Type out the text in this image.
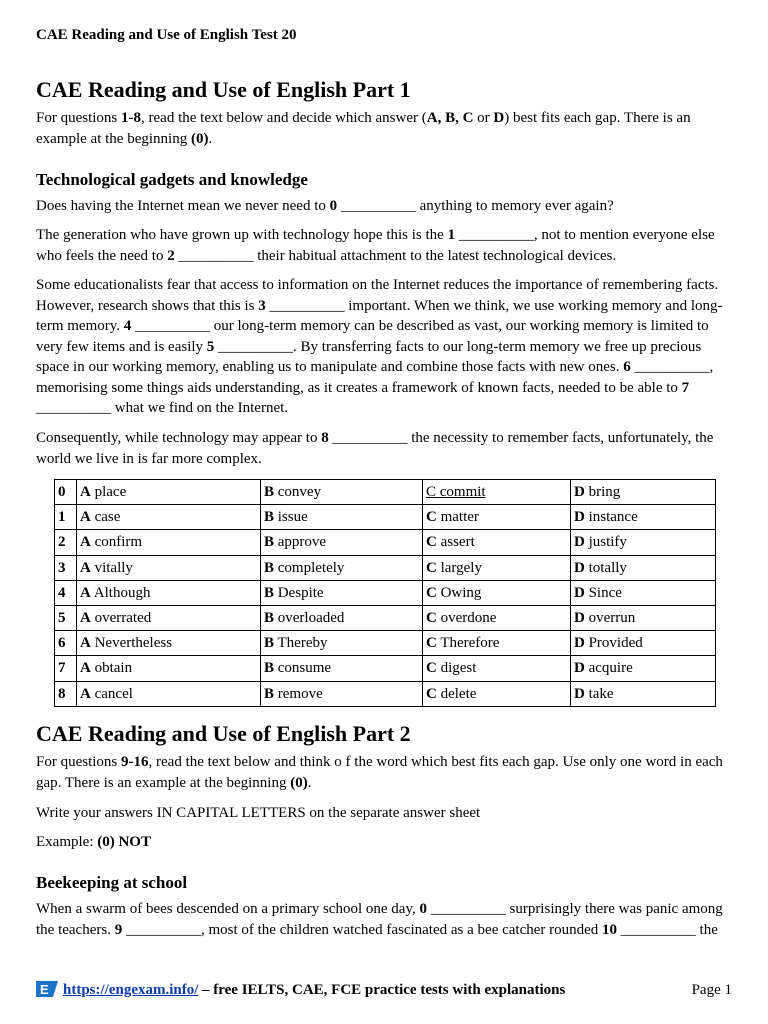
CAE Reading and Use of English Test 20
CAE Reading and Use of English Part 1

For questions 1-8, read the text below and decide which answer (A, B, C or D) best fits each gap. There is an example at the beginning (0).

Technological gadgets and knowledge

Does having the Internet mean we never need to 0 __________ anything to memory ever again?

The generation who have grown up with technology hope this is the 1 __________, not to mention everyone else who feels the need to 2 __________ their habitual attachment to the latest technological devices.

Some educationalists fear that access to information on the Internet reduces the importance of remembering facts. However, research shows that this is 3 __________ important. When we think, we use working memory and long-term memory. 4 __________ our long-term memory can be described as vast, our working memory is limited to very few items and is easily 5 __________. By transferring facts to our long-term memory we free up precious space in our working memory, enabling us to manipulate and combine those facts with new ones. 6 __________, memorising some things aids understanding, as it creates a framework of known facts, needed to be able to 7 __________ what we find on the Internet.

Consequently, while technology may appear to 8 __________ the necessity to remember facts, unfortunately, the world we live in is far more complex.

0	A place	B convey	C commit	D bring
1	A case	B issue	C matter	D instance
2	A confirm	B approve	C assert	D justify
3	A vitally	B completely	C largely	D totally
4	A Although	B Despite	C Owing	D Since
5	A overrated	B overloaded	C overdone	D overrun
6	A Nevertheless	B Thereby	C Therefore	D Provided
7	A obtain	B consume	C digest	D acquire
8	A cancel	B remove	C delete	D take
CAE Reading and Use of English Part 2

For questions 9-16, read the text below and think o f the word which best fits each gap. Use only one word in each gap. There is an example at the beginning (0).

Write your answers IN CAPITAL LETTERS on the separate answer sheet

Example: (0) NOT

Beekeeping at school

When a swarm of bees descended on a primary school one day, 0 __________ surprisingly there was panic among the teachers. 9 __________, most of the children watched fascinated as a bee catcher rounded 10 __________ the

E https://engexam.info/ – free IELTS, CAE, FCE practice tests with explanations	Page 1
